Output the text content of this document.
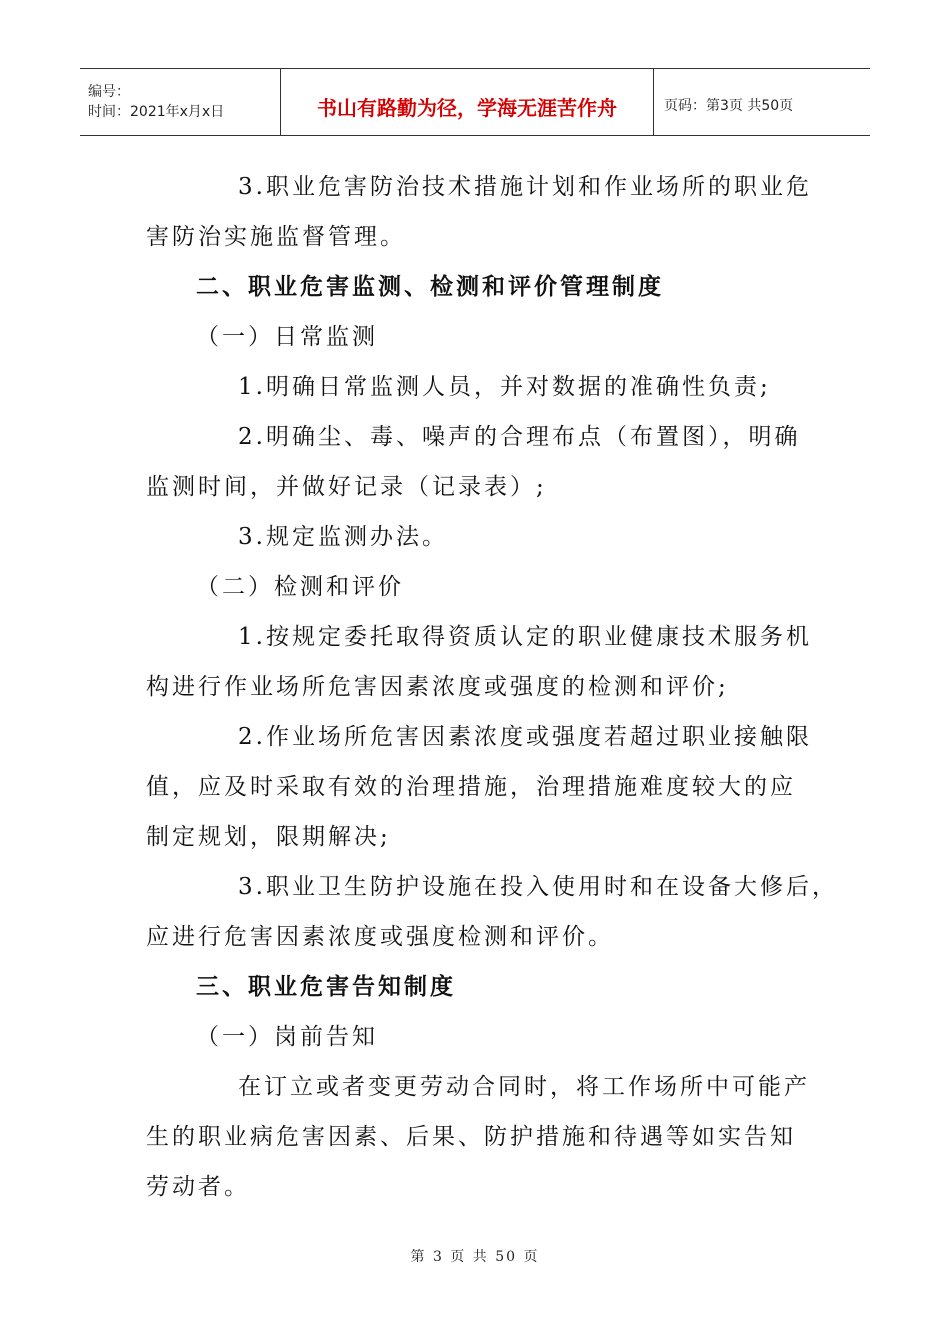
编号：
时间：2021年x月x日	书山有路勤为径，学海无涯苦作舟	页码：第3页 共50页
3.职业危害防治技术措施计划和作业场所的职业危
害防治实施监督管理。
二、职业危害监测、检测和评价管理制度
（一）日常监测
1.明确日常监测人员，并对数据的准确性负责;
2.明确尘、毒、噪声的合理布点（布置图），明确
监测时间，并做好记录（记录表）;
3.规定监测办法。
（二）检测和评价
1.按规定委托取得资质认定的职业健康技术服务机
构进行作业场所危害因素浓度或强度的检测和评价;
2.作业场所危害因素浓度或强度若超过职业接触限
值，应及时采取有效的治理措施，治理措施难度较大的应
制定规划，限期解决;
3.职业卫生防护设施在投入使用时和在设备大修后，
应进行危害因素浓度或强度检测和评价。
三、职业危害告知制度
（一）岗前告知
在订立或者变更劳动合同时，将工作场所中可能产
生的职业病危害因素、后果、防护措施和待遇等如实告知
劳动者。
第 3 页 共 50 页
